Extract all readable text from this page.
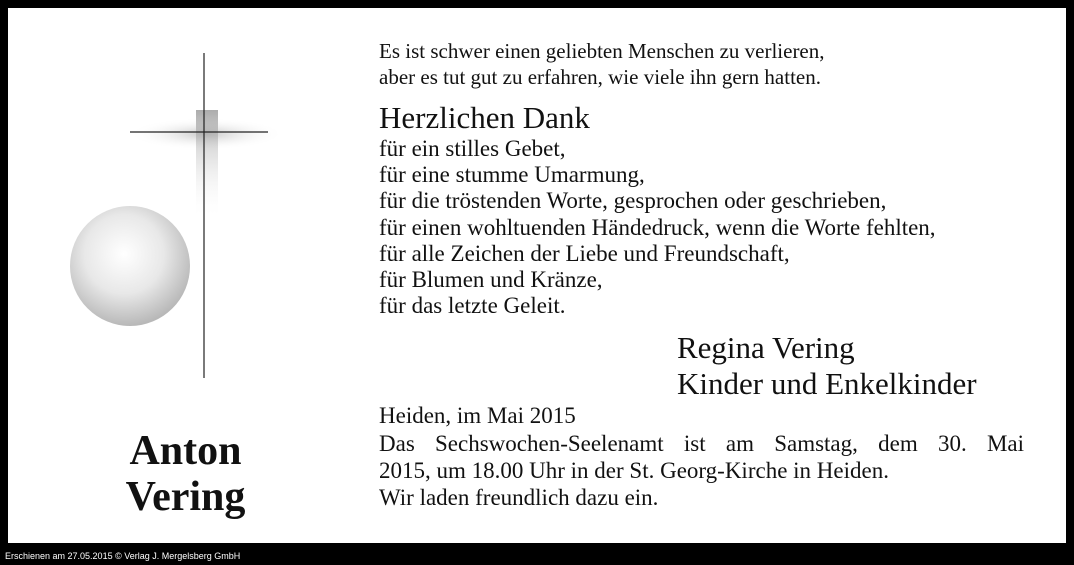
Anton
Vering
Es ist schwer einen geliebten Menschen zu verlieren,
aber es tut gut zu erfahren, wie viele ihn gern hatten.
Herzlichen Dank
für ein stilles Gebet,
für eine stumme Umarmung,
für die tröstenden Worte, gesprochen oder geschrieben,
für einen wohltuenden Händedruck, wenn die Worte fehlten,
für alle Zeichen der Liebe und Freundschaft,
für Blumen und Kränze,
für das letzte Geleit.
Regina Vering
Kinder und Enkelkinder
Heiden, im Mai 2015
Das Sechswochen-Seelenamt ist am Samstag, dem 30. Mai
2015, um 18.00 Uhr in der St. Georg-Kirche in Heiden.
Wir laden freundlich dazu ein.
Erschienen am 27.05.2015 © Verlag J. Mergelsberg GmbH
